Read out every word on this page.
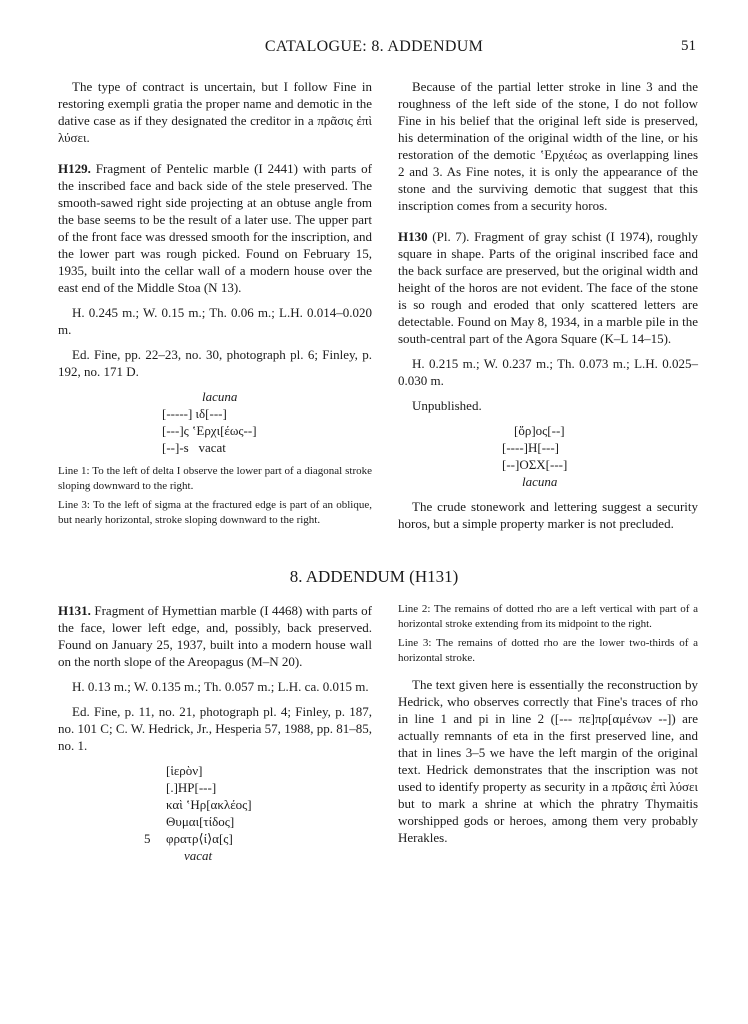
CATALOGUE: 8. ADDENDUM	51

The type of contract is uncertain, but I follow Fine in restoring exempli gratia the proper name and demotic in the dative case as if they designated the creditor in a πρᾶσις ἐπὶ λύσει.

H129. Fragment of Pentelic marble (I 2441) with parts of the inscribed face and back side of the stele preserved. The smooth-sawed right side projecting at an obtuse angle from the base seems to be the result of a later use. The upper part of the front face was dressed smooth for the inscription, and the lower part was rough picked. Found on February 15, 1935, built into the cellar wall of a modern house over the east end of the Middle Stoa (N 13).

H. 0.245 m.; W. 0.15 m.; Th. 0.06 m.; L.H. 0.014–0.020 m.

Ed. Fine, pp. 22–23, no. 30, photograph pl. 6; Finley, p. 192, no. 171 D.

lacuna
[-----] ιδ[---]
[---]ς ʽΕρχι[έως--]
[--]-s   vacat

Line 1: To the left of delta I observe the lower part of a diagonal stroke sloping downward to the right.

Line 3: To the left of sigma at the fractured edge is part of an oblique, but nearly horizontal, stroke sloping downward to the right.

Because of the partial letter stroke in line 3 and the roughness of the left side of the stone, I do not follow Fine in his belief that the original left side is preserved, his determination of the original width of the line, or his restoration of the demotic ʽΕρχιέως as overlapping lines 2 and 3. As Fine notes, it is only the appearance of the stone and the surviving demotic that suggest that this inscription comes from a security horos.

H130 (Pl. 7). Fragment of gray schist (I 1974), roughly square in shape. Parts of the original inscribed face and the back surface are preserved, but the original width and height of the horos are not evident. The face of the stone is so rough and eroded that only scattered letters are detectable. Found on May 8, 1934, in a marble pile in the south-central part of the Agora Square (K–L 14–15).

H. 0.215 m.; W. 0.237 m.; Th. 0.073 m.; L.H. 0.025–0.030 m.

Unpublished.

[ὅρ]ος[--]
[----]Η[---]
[--]ΟΣΧ[---]
lacuna

The crude stonework and lettering suggest a security horos, but a simple property marker is not precluded.

8. ADDENDUM (H131)

H131. Fragment of Hymettian marble (I 4468) with parts of the face, lower left edge, and, possibly, back preserved. Found on January 25, 1937, built into a modern house wall on the north slope of the Areopagus (M–N 20).

H. 0.13 m.; W. 0.135 m.; Th. 0.057 m.; L.H. ca. 0.015 m.

Ed. Fine, p. 11, no. 21, photograph pl. 4; Finley, p. 187, no. 101 C; C. W. Hedrick, Jr., Hesperia 57, 1988, pp. 81–85, no. 1.

[ἱερὸν]
[.]ΗΡ[---]
καὶ ʽΗρ[ακλέος]
Θυμαι[τίδος]
5 φρατρ⟨ί⟩α[ς]
vacat

Line 2: The remains of dotted rho are a left vertical with part of a horizontal stroke extending from its midpoint to the right.

Line 3: The remains of dotted rho are the lower two-thirds of a horizontal stroke.

The text given here is essentially the reconstruction by Hedrick, who observes correctly that Fine's traces of rho in line 1 and pi in line 2 ([--- πε]πρ[αμένων --]) are actually remnants of eta in the first preserved line, and that in lines 3–5 we have the left margin of the original text. Hedrick demonstrates that the inscription was not used to identify property as security in a πρᾶσις ἐπὶ λύσει but to mark a shrine at which the phratry Thymaitis worshipped gods or heroes, among them very probably Herakles.
